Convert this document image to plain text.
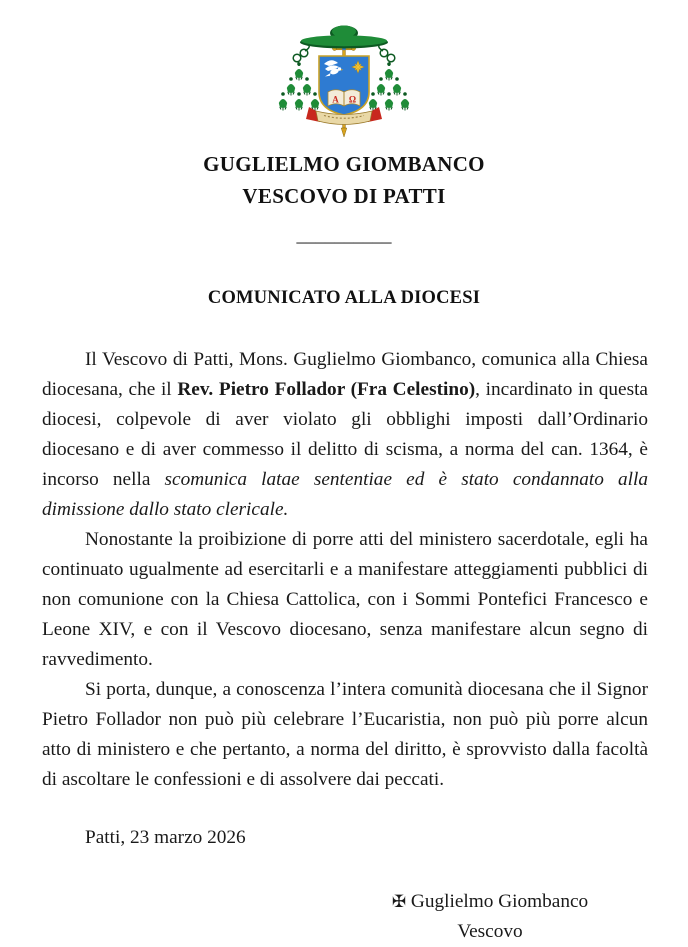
Α Ω
GUGLIELMO GIOMBANCO
VESCOVO DI PATTI
__________
COMUNICATO ALLA DIOCESI

Il Vescovo di Patti, Mons. Guglielmo Giombanco, comunica alla Chiesa diocesana, che il Rev. Pietro Follador (Fra Celestino), incardinato in questa diocesi, colpevole di aver violato gli obblighi imposti dall’Ordinario diocesano e di aver commesso il delitto di scisma, a norma del can. 1364, è incorso nella scomunica latae sententiae ed è stato condannato alla dimissione dallo stato clericale.

Nonostante la proibizione di porre atti del ministero sacerdotale, egli ha continuato ugualmente ad esercitarli e a manifestare atteggiamenti pubblici di non comunione con la Chiesa Cattolica, con i Sommi Pontefici Francesco e Leone XIV, e con il Vescovo diocesano, senza manifestare alcun segno di ravvedimento.

Si porta, dunque, a conoscenza l’intera comunità diocesana che il Signor Pietro Follador non può più celebrare l’Eucaristia, non può più porre alcun atto di ministero e che pertanto, a norma del diritto, è sprovvisto dalla facoltà di ascoltare le confessioni e di assolvere dai peccati.

Patti, 23 marzo 2026

✠ Guglielmo Giombanco

Vescovo
